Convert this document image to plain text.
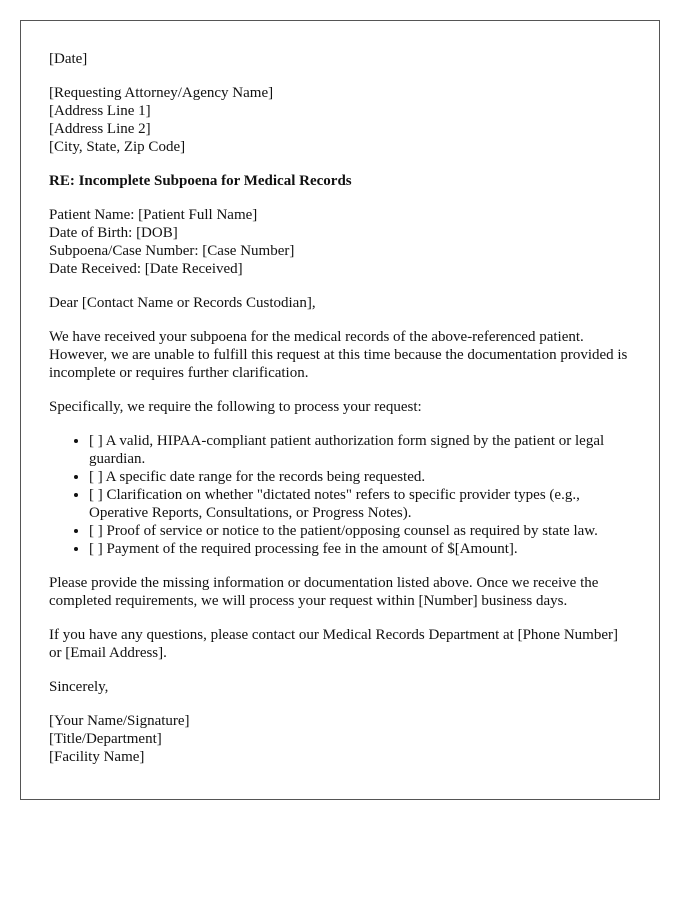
[Date]
[Requesting Attorney/Agency Name]
[Address Line 1]
[Address Line 2]
[City, State, Zip Code]
RE: Incomplete Subpoena for Medical Records
Patient Name: [Patient Full Name]
Date of Birth: [DOB]
Subpoena/Case Number: [Case Number]
Date Received: [Date Received]

Dear [Contact Name or Records Custodian],

We have received your subpoena for the medical records of the above-referenced patient. However, we are unable to fulfill this request at this time because the documentation provided is incomplete or requires further clarification.

Specifically, we require the following to process your request:

• [ ] A valid, HIPAA-compliant patient authorization form signed by the patient or legal guardian.
• [ ] A specific date range for the records being requested.
• [ ] Clarification on whether "dictated notes" refers to specific provider types (e.g., Operative Reports, Consultations, or Progress Notes).
• [ ] Proof of service or notice to the patient/opposing counsel as required by state law.
• [ ] Payment of the required processing fee in the amount of $[Amount].

Please provide the missing information or documentation listed above. Once we receive the completed requirements, we will process your request within [Number] business days.

If you have any questions, please contact our Medical Records Department at [Phone Number] or [Email Address].

Sincerely,

[Your Name/Signature]
[Title/Department]
[Facility Name]
